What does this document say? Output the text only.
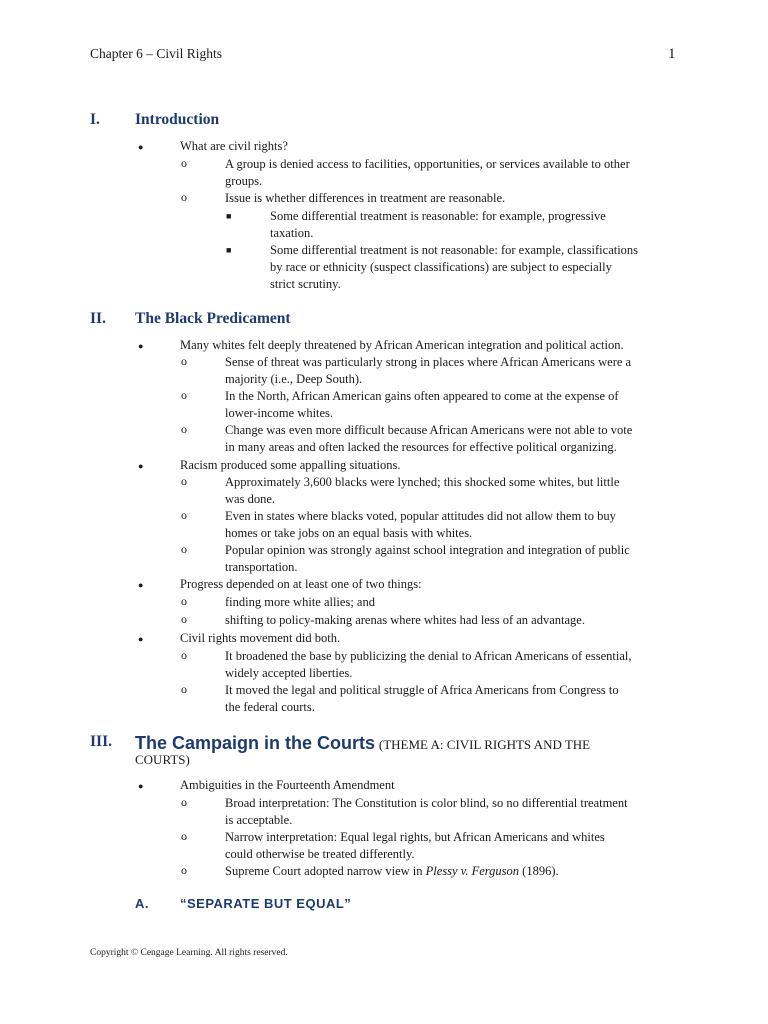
Chapter 6 – Civil Rights	1
I. Introduction
●	What are civil rights?
o	A group is denied access to facilities, opportunities, or services available to other
groups.
o	Issue is whether differences in treatment are reasonable.
■	Some differential treatment is reasonable: for example, progressive
taxation.
■	Some differential treatment is not reasonable: for example, classifications
by race or ethnicity (suspect classifications) are subject to especially
strict scrutiny.
II. The Black Predicament
●	Many whites felt deeply threatened by African American integration and political action.
o	Sense of threat was particularly strong in places where African Americans were a
majority (i.e., Deep South).
o	In the North, African American gains often appeared to come at the expense of
lower-income whites.
o	Change was even more difficult because African Americans were not able to vote
in many areas and often lacked the resources for effective political organizing.
●	Racism produced some appalling situations.
o	Approximately 3,600 blacks were lynched; this shocked some whites, but little
was done.
o	Even in states where blacks voted, popular attitudes did not allow them to buy
homes or take jobs on an equal basis with whites.
o	Popular opinion was strongly against school integration and integration of public
transportation.
●	Progress depended on at least one of two things:
o	finding more white allies; and
o	shifting to policy-making arenas where whites had less of an advantage.
●	Civil rights movement did both.
o	It broadened the base by publicizing the denial to African Americans of essential,
widely accepted liberties.
o	It moved the legal and political struggle of Africa Americans from Congress to
the federal courts.
III. The Campaign in the Courts (THEME A: CIVIL RIGHTS AND THE
COURTS)
●	Ambiguities in the Fourteenth Amendment
o	Broad interpretation: The Constitution is color blind, so no differential treatment
is acceptable.
o	Narrow interpretation: Equal legal rights, but African Americans and whites
could otherwise be treated differently.
o	Supreme Court adopted narrow view in Plessy v. Ferguson (1896).
A. “SEPARATE BUT EQUAL”
Copyright © Cengage Learning. All rights reserved.
